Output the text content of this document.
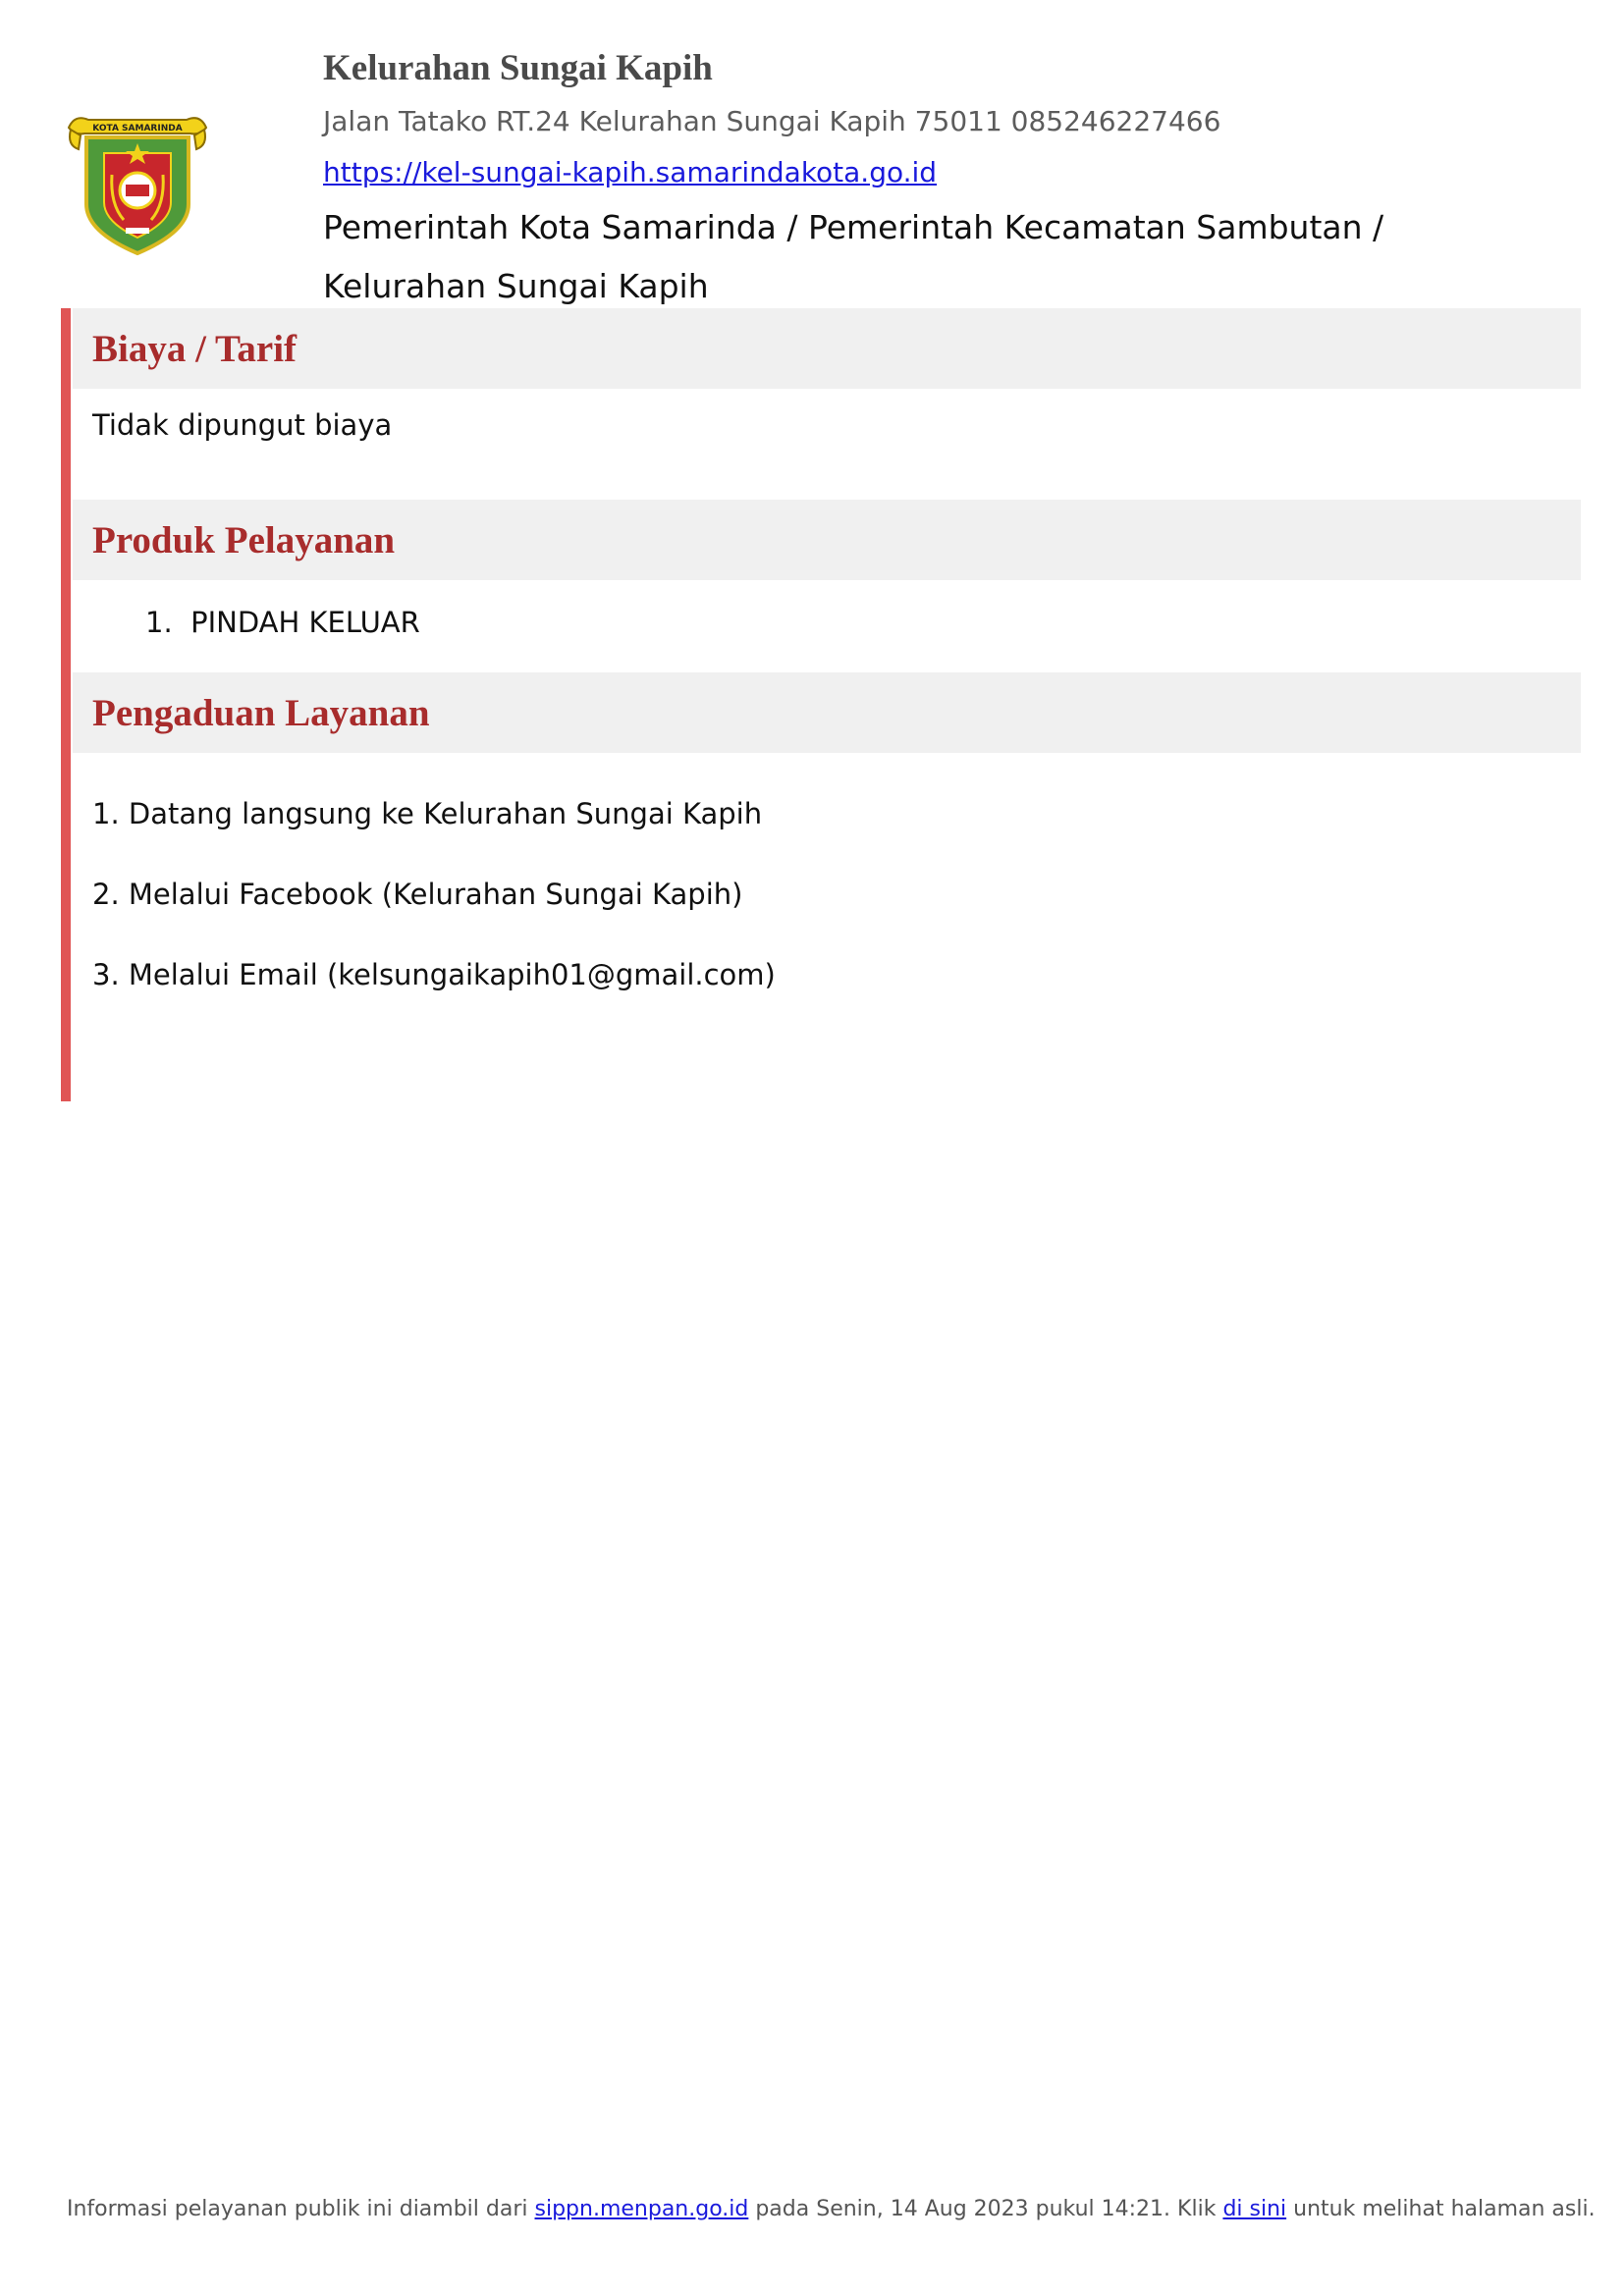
KOTA SAMARINDA
Kelurahan Sungai Kapih
Jalan Tatako RT.24 Kelurahan Sungai Kapih 75011 085246227466
https://kel-sungai-kapih.samarindakota.go.id
Pemerintah Kota Samarinda / Pemerintah Kecamatan Sambutan / Kelurahan Sungai Kapih
Biaya / Tarif
Tidak dipungut biaya
Produk Pelayanan
1. PINDAH KELUAR
Pengaduan Layanan
1. Datang langsung ke Kelurahan Sungai Kapih
2. Melalui Facebook (Kelurahan Sungai Kapih)
3. Melalui Email (kelsungaikapih01@gmail.com)
Informasi pelayanan publik ini diambil dari sippn.menpan.go.id pada Senin, 14 Aug 2023 pukul 14:21. Klik di sini untuk melihat halaman asli.
